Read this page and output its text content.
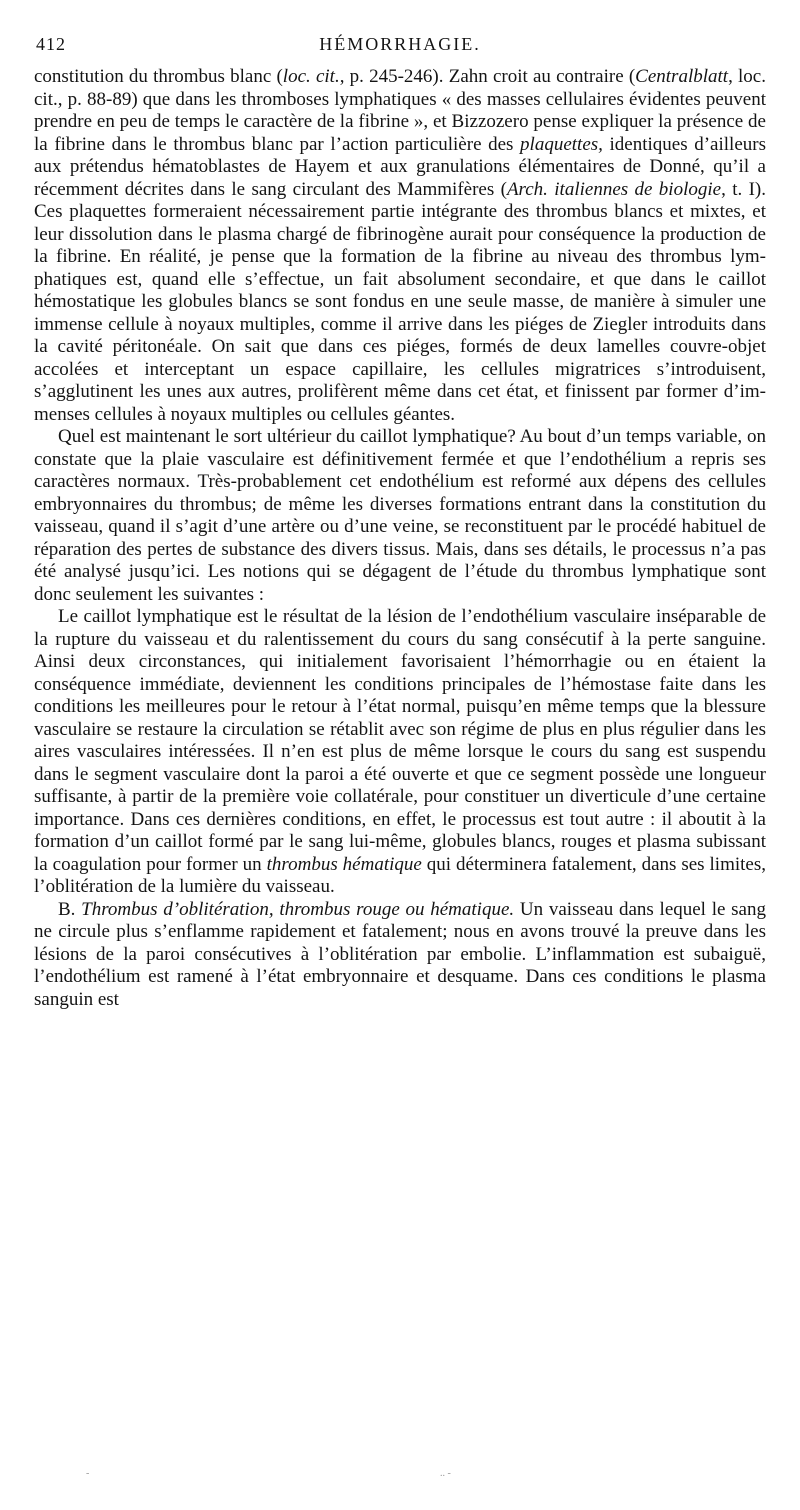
412	HÉMORRHAGIE.

constitution du thrombus blanc (loc. cit., p. 245-246). Zahn croit au contraire (Centralblatt, loc. cit., p. 88-89) que dans les thromboses lymphatiques « des masses cellulaires évidentes peuvent prendre en peu de temps le caractère de la fibrine », et Bizzozero pense expliquer la présence de la fibrine dans le thrombus blanc par l’action particulière des plaquettes, identiques d’ailleurs aux prétendus hématoblastes de Hayem et aux granulations élémentaires de Donné, qu’il a récemment décrites dans le sang circulant des Mammifères (Arch. italiennes de biologie, t. I). Ces plaquettes formeraient nécessairement partie intégrante des thrombus blancs et mixtes, et leur dissolution dans le plasma chargé de fibrinogène aurait pour conséquence la production de la fibrine. En réalité, je pense que la formation de la fibrine au niveau des thrombus lymphatiques est, quand elle s’effectue, un fait absolument secondaire, et que dans le caillot hémostatique les globules blancs se sont fondus en une seule masse, de manière à simuler une immense cellule à noyaux multiples, comme il arrive dans les piéges de Ziegler introduits dans la cavité péritonéale. On sait que dans ces piéges, formés de deux lamelles couvre-objet accolées et interceptant un espace capillaire, les cellules migratrices s’introduisent, s’agglutinent les unes aux autres, prolifèrent même dans cet état, et finissent par former d’immenses cellules à noyaux multiples ou cellules géantes.

Quel est maintenant le sort ultérieur du caillot lymphatique? Au bout d’un temps variable, on constate que la plaie vasculaire est définitivement fermée et que l’endothélium a repris ses caractères normaux. Très-probablement cet endothélium est reformé aux dépens des cellules embryonnaires du thrombus; de même les diverses formations entrant dans la constitution du vaisseau, quand il s’agit d’une artère ou d’une veine, se reconstituent par le procédé habituel de réparation des pertes de substance des divers tissus. Mais, dans ses détails, le processus n’a pas été analysé jusqu’ici. Les notions qui se dégagent de l’étude du thrombus lymphatique sont donc seulement les suivantes :

Le caillot lymphatique est le résultat de la lésion de l’endothélium vasculaire inséparable de la rupture du vaisseau et du ralentissement du cours du sang consécutif à la perte sanguine. Ainsi deux circonstances, qui initialement favorisaient l’hémorrhagie ou en étaient la conséquence immédiate, deviennent les conditions principales de l’hémostase faite dans les conditions les meilleures pour le retour à l’état normal, puisqu’en même temps que la blessure vasculaire se restaure la circulation se rétablit avec son régime de plus en plus régulier dans les aires vasculaires intéressées. Il n’en est plus de même lorsque le cours du sang est suspendu dans le segment vasculaire dont la paroi a été ouverte et que ce segment possède une longueur suffisante, à partir de la première voie collatérale, pour constituer un diverticule d’une certaine importance. Dans ces dernières conditions, en effet, le processus est tout autre : il aboutit à la formation d’un caillot formé par le sang lui-même, globules blancs, rouges et plasma subissant la coagulation pour former un thrombus hématique qui déterminera fatalement, dans ses limites, l’oblitération de la lumière du vaisseau.

B. Thrombus d’oblitération, thrombus rouge ou hématique. Un vaisseau dans lequel le sang ne circule plus s’enflamme rapidement et fatalement; nous en avons trouvé la preuve dans les lésions de la paroi consécutives à l’oblitération par embolie. L’inflammation est subaiguë, l’endothélium est ramené à l’état embryonnaire et desquame. Dans ces conditions le plasma sanguin est

-	.. -
